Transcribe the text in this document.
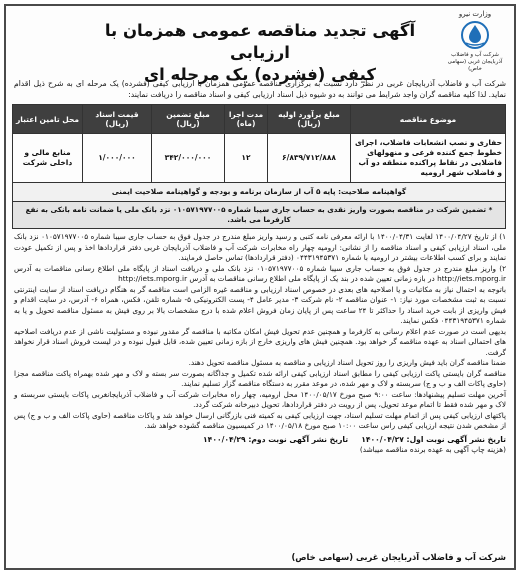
وزارت نیرو
شرکت آب و فاضلاب آذربایجان غربی (سهامی خاص)
آگهی تجدید مناقصه عمومی همزمان با ارزیابی
کیفی (فشرده) یک مرحله ای
شرکت آب و فاضلاب آذربایجان غربی در نظر دارد نسبت به برگزاری مناقصه عمومی همزمان با ارزیابی کیفی (فشرده) یک مرحله ای به شرح ذیل اقدام نماید. لذا کلیه مناقصه گران واجد شرایط می توانند به دو شیوه ذیل اسناد ارزیابی کیفی و اسناد مناقصه را دریافت نمایند:
موضوع مناقصه	مبلغ برآورد اولیه (ریال)	مدت اجرا (ماه)	مبلغ تضمین (ریال)	قیمت اسناد (ریال)	محل تامین اعتبار
حفاری و نصب انشعابات فاضلاب، اجرای خطوط جمع کننده فرعی و منهولهای فاضلابی در نقاط پراکنده منطقه دو آب و فاضلاب شهر ارومیه	۶/۸۳۹/۷۱۲/۸۸۸	۱۲	۳۴۲/۰۰۰/۰۰۰	۱/۰۰۰/۰۰۰	منابع مالی و داخلی شرکت
گواهینامه صلاحیت: پایه ۵ آب از سازمان برنامه و بودجه و گواهینامه صلاحیت ایمنی					
* تضمین شرکت در مناقصه بصورت واریز نقدی به حساب جاری سیبا شماره ۰۱۰۵۷۱۹۷۷۰۰۵ نزد بانک ملی یا ضمانت نامه بانکی به نفع کارفرما می باشد.					

۱) از تاریخ ۱۴۰۰/۰۴/۲۷ لغایت ۱۴۰۰/۰۴/۳۱ با ارائه معرفی نامه کتبی و رسید واریز مبلغ مندرج در جدول فوق به حساب جاری سیبا شماره ۰۱۰۵۷۱۹۷۷۰۰۵ نزد بانک ملی، اسناد ارزیابی کیفی و اسناد مناقصه را از نشانی: ارومیه چهار راه مخابرات شرکت آب و فاضلاب آذربایجان غربی دفتر قراردادها اخذ و پس از تکمیل عودت نمایند و برای کسب اطلاعات بیشتر در ارومیه با شماره ۰۴۴۳۱۹۴۵۳۷۱ (دفتر قراردادها) تماس حاصل فرمایند.

۲) واریز مبلغ مندرج در جدول فوق به حساب جاری سیبا شماره ۰۱۰۵۷۱۹۷۷۰۰۵ نزد بانک ملی و دریافت اسناد از پایگاه ملی اطلاع رسانی مناقصات به آدرس http://iets.mporg.ir در بازه زمانی تعیین شده در بند یک از پایگاه ملی اطلاع رسانی مناقصات به آدرس http://iets.mporg.ir

باتوجه به احتمال نیاز به مکاتبات و یا اصلاحیه های بعدی در خصوص اسناد ارزیابی و مناقصه غیره الزامی است مناقصه گر به هنگام دریافت اسناد از سایت اینترنتی نسبت به ثبت مشخصات مورد نیاز: ۱- عنوان مناقصه ۲- نام شرکت ۳- مدیر عامل ۴- پست الکترونیکی ۵- شماره تلفن، فکس، همراه ۶- آدرس، در سایت اقدام و فیش واریزی از بابت خرید اسناد را حداکثر تا ۲۴ ساعت پس از پایان زمان فروش اعلام شده با درج مشخصات بالا بر روی فیش به مسئول مناقصه تحویل و یا به شماره ۰۴۴۳۱۹۴۵۳۷۱ فکس نمایند.

بدیهی است در صورت عدم اعلام رسانی به کارفرما و همچنین عدم تحویل فیش امکان مکاتبه با مناقصه گر مقدور نبوده و مسئولیت ناشی از عدم دریافت اصلاحیه های احتمالی اسناد به عهده مناقصه گر خواهد بود. همچنین فیش های واریزی خارج از بازه زمانی تعیین شده، قابل قبول نبوده و در لیست فروش اسناد قرار نخواهد گرفت.

ضمنا مناقصه گران باید فیش واریزی را روز تحویل اسناد ارزیابی و مناقصه به مسئول مناقصه تحویل دهند.

مناقصه گران بایستی پاکت ارزیابی کیفی را مطابق اسناد ارزیابی کیفی ارائه شده تکمیل و جداگانه بصورت سر بسته و لاک و مهر شده بهمراه پاکت مناقصه مجزا (حاوی پاکات الف و ب و ج) سربسته و لاک و مهر شده، در موعد مقرر به دستگاه مناقصه گزار تسلیم نمایند.

آخرین مهلت تسلیم پیشنهادها: ساعت ۹:۰۰ صبح مورخ ۱۴۰۰/۰۵/۱۷ محل ارومیه، چهار راه مخابرات شرکت آب و فاضلاب آذربایجانغربی پاکات بایستی سربسته و لاک و مهر شده فقط تا اتمام موعد تحویل، پس از رویت در دفتر قراردادها، تحویل دبیرخانه شرکت گردد.

پاکتهای ارزیابی کیفی پس از اتمام مهلت تسلیم اسناد، جهت ارزیابی کیفی به کمیته فنی بازرگانی ارسال خواهد شد و پاکات مناقصه (حاوی پاکات الف و ب و ج) پس از مشخص شدن نتیجه ارزیابی کیفی راس ساعت ۱۰:۰۰ صبح مورخ ۱۴۰۰/۰۵/۱۸ در کمیسیون مناقصه گشوده خواهد شد.

تاریخ نشر آگهی نوبت اول: ۱۴۰۰/۰۴/۲۷     تاریخ نشر آگهی نوبت دوم: ۱۴۰۰/۰۴/۲۹
(هزینه چاپ آگهی به عهده برنده مناقصه میباشد)
شرکت آب و فاضلاب آذربایجان غربی (سهامی خاص)
